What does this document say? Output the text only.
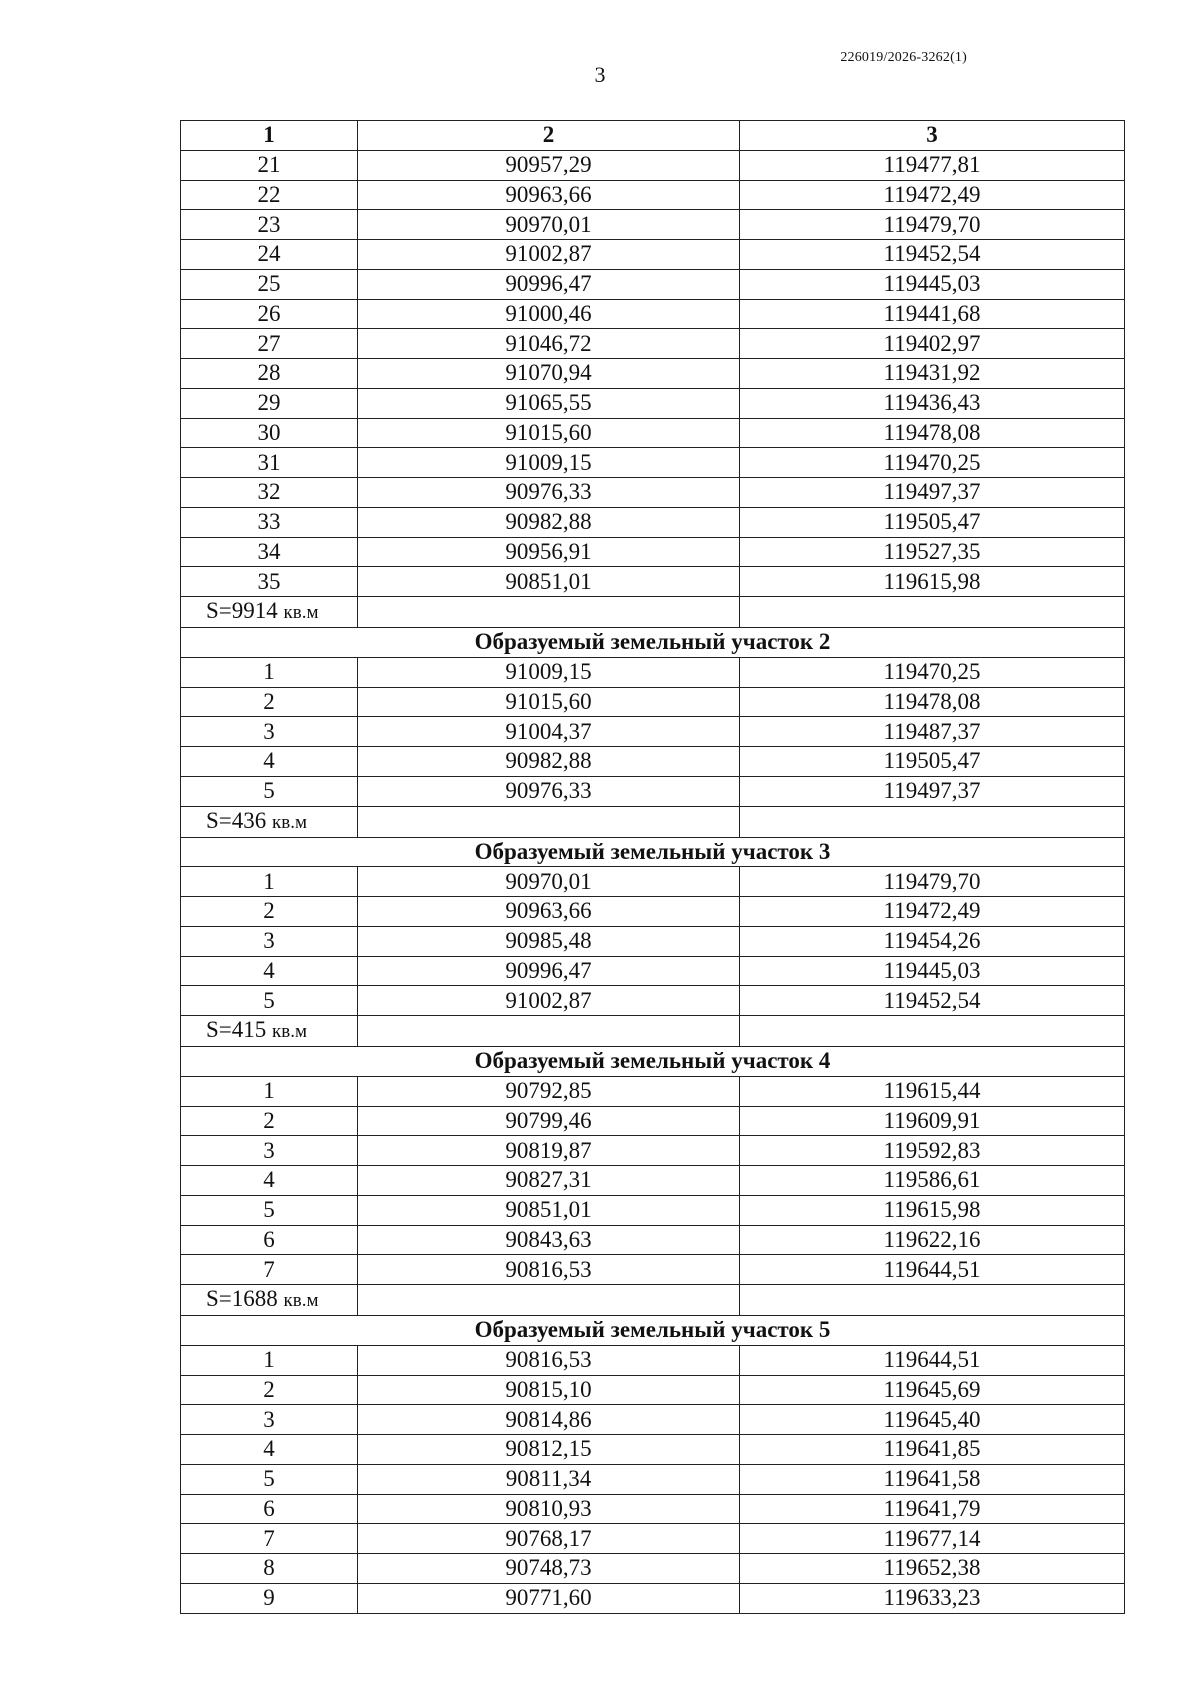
226019/2026-3262(1)
3
1	2	3
21	90957,29	119477,81
22	90963,66	119472,49
23	90970,01	119479,70
24	91002,87	119452,54
25	90996,47	119445,03
26	91000,46	119441,68
27	91046,72	119402,97
28	91070,94	119431,92
29	91065,55	119436,43
30	91015,60	119478,08
31	91009,15	119470,25
32	90976,33	119497,37
33	90982,88	119505,47
34	90956,91	119527,35
35	90851,01	119615,98
S=9914 кв.м		
Образуемый земельный участок 2		
1	91009,15	119470,25
2	91015,60	119478,08
3	91004,37	119487,37
4	90982,88	119505,47
5	90976,33	119497,37
S=436 кв.м		
Образуемый земельный участок 3		
1	90970,01	119479,70
2	90963,66	119472,49
3	90985,48	119454,26
4	90996,47	119445,03
5	91002,87	119452,54
S=415 кв.м		
Образуемый земельный участок 4		
1	90792,85	119615,44
2	90799,46	119609,91
3	90819,87	119592,83
4	90827,31	119586,61
5	90851,01	119615,98
6	90843,63	119622,16
7	90816,53	119644,51
S=1688 кв.м		
Образуемый земельный участок 5		
1	90816,53	119644,51
2	90815,10	119645,69
3	90814,86	119645,40
4	90812,15	119641,85
5	90811,34	119641,58
6	90810,93	119641,79
7	90768,17	119677,14
8	90748,73	119652,38
9	90771,60	119633,23
